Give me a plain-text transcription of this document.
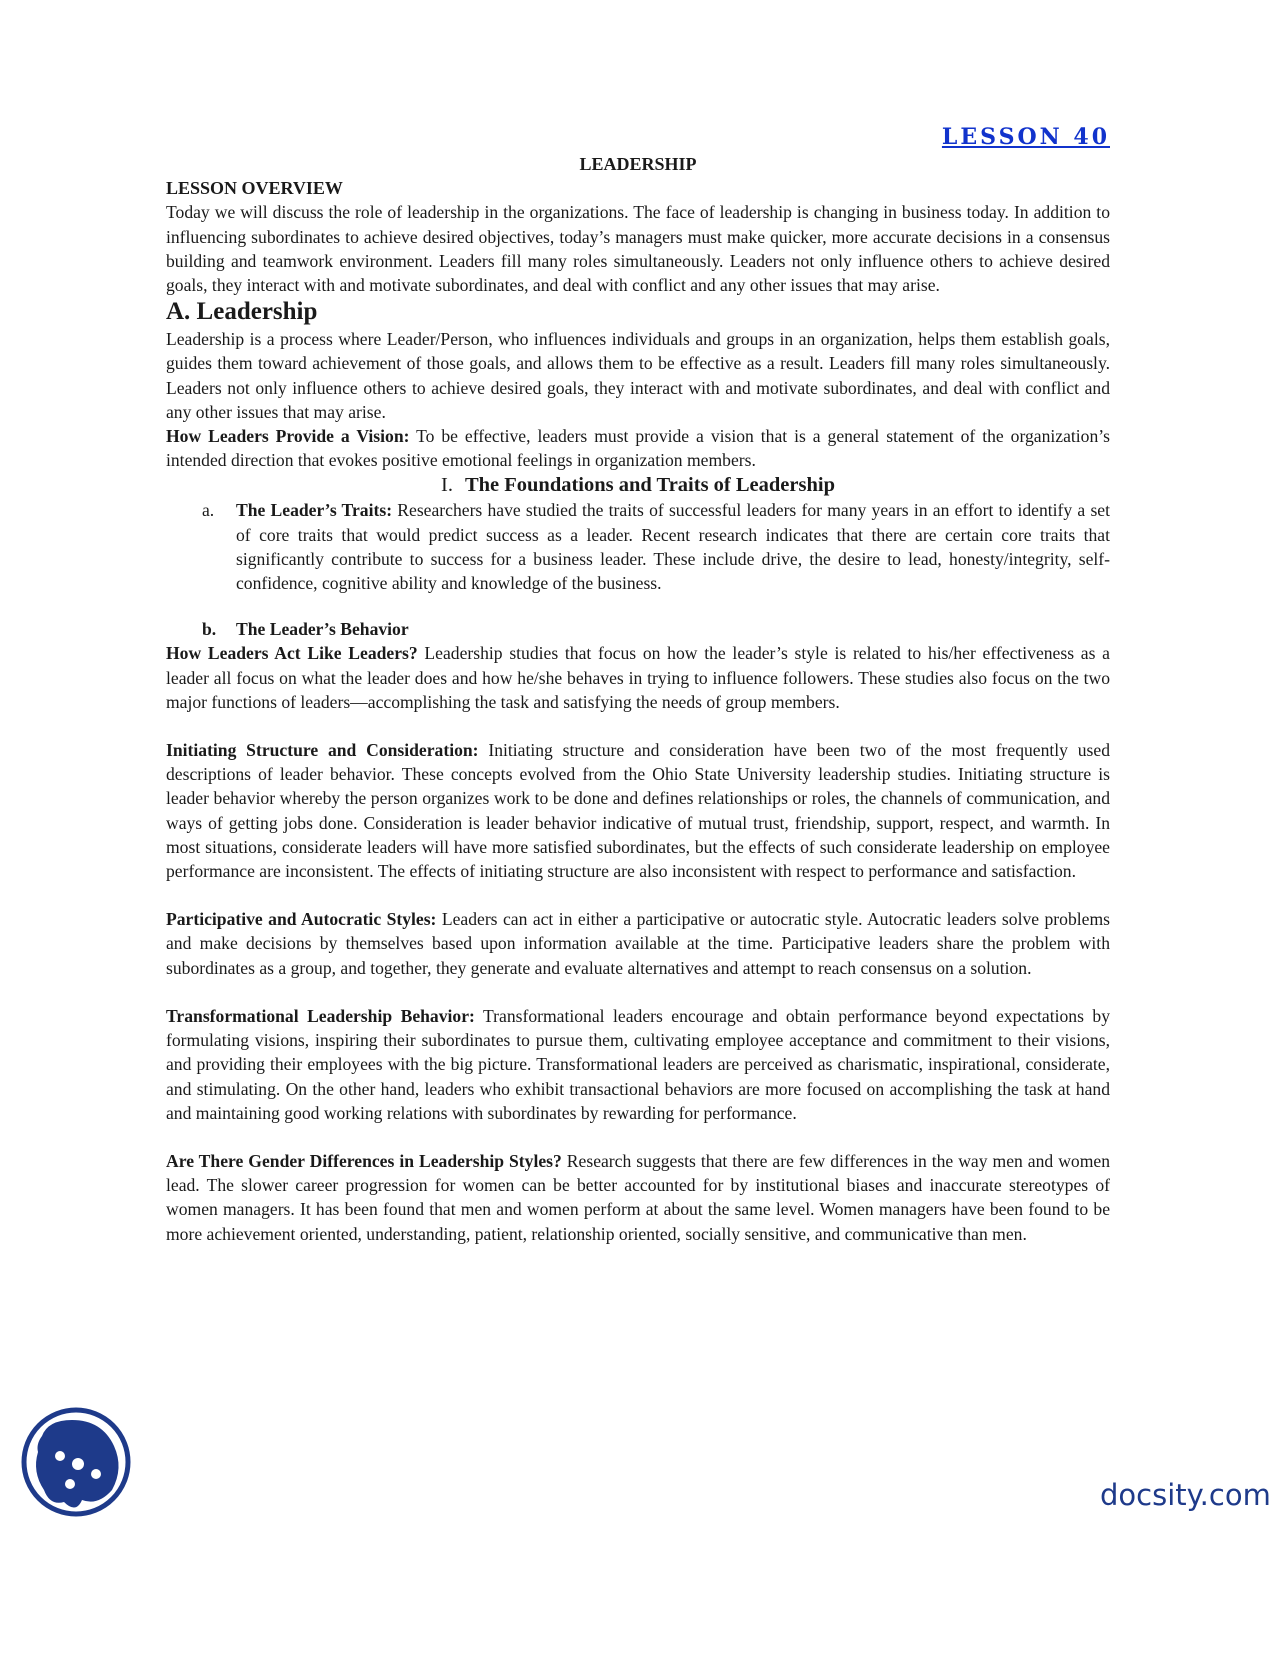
LESSON 40

LEADERSHIP

LESSON OVERVIEW

Today we will discuss the role of leadership in the organizations. The face of leadership is changing in business today. In addition to influencing subordinates to achieve desired objectives, today’s managers must make quicker, more accurate decisions in a consensus building and teamwork environment. Leaders fill many roles simultaneously. Leaders not only influence others to achieve desired goals, they interact with and motivate subordinates, and deal with conflict and any other issues that may arise.

A. Leadership

Leadership is a process where Leader/Person, who influences individuals and groups in an organization, helps them establish goals, guides them toward achievement of those goals, and allows them to be effective as a result. Leaders fill many roles simultaneously. Leaders not only influence others to achieve desired goals, they interact with and motivate subordinates, and deal with conflict and any other issues that may arise.

How Leaders Provide a Vision: To be effective, leaders must provide a vision that is a general statement of the organization’s intended direction that evokes positive emotional feelings in organization members.

I. The Foundations and Traits of Leadership

a. The Leader’s Traits: Researchers have studied the traits of successful leaders for many years in an effort to identify a set of core traits that would predict success as a leader. Recent research indicates that there are certain core traits that significantly contribute to success for a business leader. These include drive, the desire to lead, honesty/integrity, self-confidence, cognitive ability and knowledge of the business.

b. The Leader’s Behavior

How Leaders Act Like Leaders? Leadership studies that focus on how the leader’s style is related to his/her effectiveness as a leader all focus on what the leader does and how he/she behaves in trying to influence followers. These studies also focus on the two major functions of leaders—accomplishing the task and satisfying the needs of group members.

Initiating Structure and Consideration: Initiating structure and consideration have been two of the most frequently used descriptions of leader behavior. These concepts evolved from the Ohio State University leadership studies. Initiating structure is leader behavior whereby the person organizes work to be done and defines relationships or roles, the channels of communication, and ways of getting jobs done. Consideration is leader behavior indicative of mutual trust, friendship, support, respect, and warmth. In most situations, considerate leaders will have more satisfied subordinates, but the effects of such considerate leadership on employee performance are inconsistent. The effects of initiating structure are also inconsistent with respect to performance and satisfaction.

Participative and Autocratic Styles: Leaders can act in either a participative or autocratic style. Autocratic leaders solve problems and make decisions by themselves based upon information available at the time. Participative leaders share the problem with subordinates as a group, and together, they generate and evaluate alternatives and attempt to reach consensus on a solution.

Transformational Leadership Behavior: Transformational leaders encourage and obtain performance beyond expectations by formulating visions, inspiring their subordinates to pursue them, cultivating employee acceptance and commitment to their visions, and providing their employees with the big picture. Transformational leaders are perceived as charismatic, inspirational, considerate, and stimulating. On the other hand, leaders who exhibit transactional behaviors are more focused on accomplishing the task at hand and maintaining good working relations with subordinates by rewarding for performance.

Are There Gender Differences in Leadership Styles? Research suggests that there are few differences in the way men and women lead. The slower career progression for women can be better accounted for by institutional biases and inaccurate stereotypes of women managers. It has been found that men and women perform at about the same level. Women managers have been found to be more achievement oriented, understanding, patient, relationship oriented, socially sensitive, and communicative than men.

docsity.com
